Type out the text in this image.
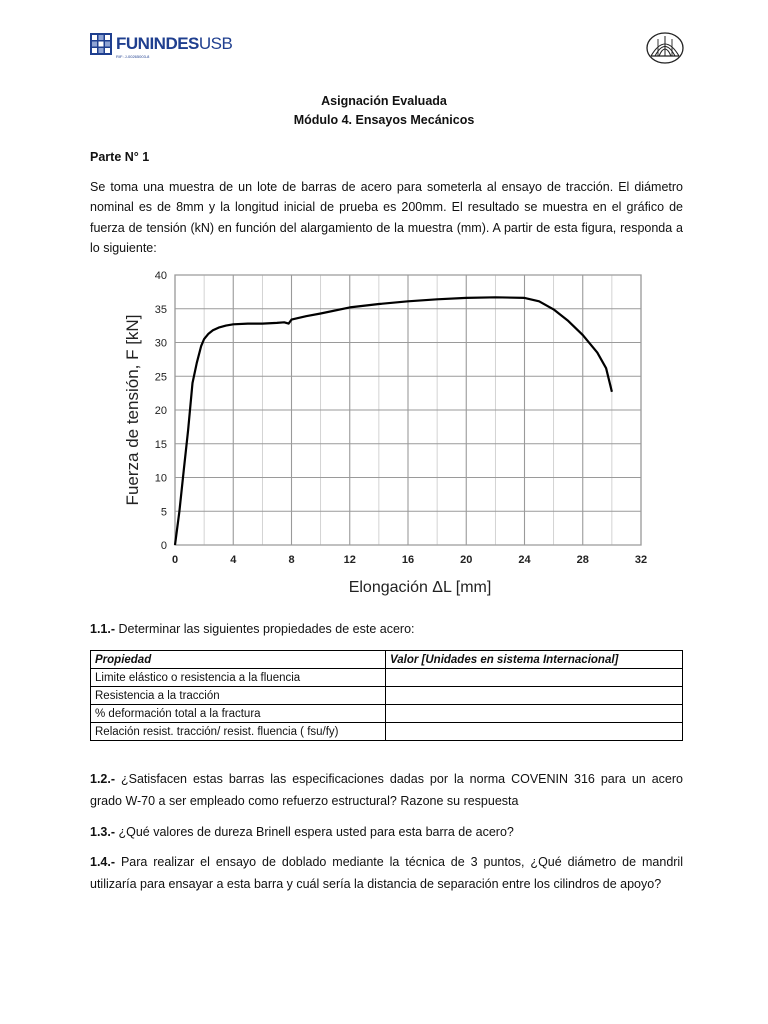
FUNINDESUSB
RIF: J-00265003-8
Asignación Evaluada
Módulo 4. Ensayos Mecánicos
Parte N° 1
Se toma una muestra de un lote de barras de acero para someterla al ensayo de tracción. El diámetro nominal es de 8mm y la longitud inicial de prueba es 200mm. El resultado se muestra en el gráfico de fuerza de tensión (kN) en función del alargamiento de la muestra (mm). A partir de esta figura, responda a lo siguiente:
0	4	8	12	16	20	24	28	32
0
5
10
15
20
25
30
35
40
Fuerza de tensión, F [kN]
Elongación ΔL [mm]
1.1.- Determinar las siguientes propiedades de este acero:
Propiedad	Valor [Unidades en sistema Internacional]
Limite elástico o resistencia a la fluencia	
Resistencia a la tracción	
% deformación total a la fractura	
Relación resist. tracción/ resist. fluencia ( fsu/fy)	
1.2.- ¿Satisfacen estas barras las especificaciones dadas por la norma COVENIN 316 para un acero grado W-70 a ser empleado como refuerzo estructural? Razone su respuesta
1.3.- ¿Qué valores de dureza Brinell espera usted para esta barra de acero?
1.4.- Para realizar el ensayo de doblado mediante la técnica de 3 puntos, ¿Qué diámetro de mandril utilizaría para ensayar a esta barra y cuál sería la distancia de separación entre los cilindros de apoyo?
